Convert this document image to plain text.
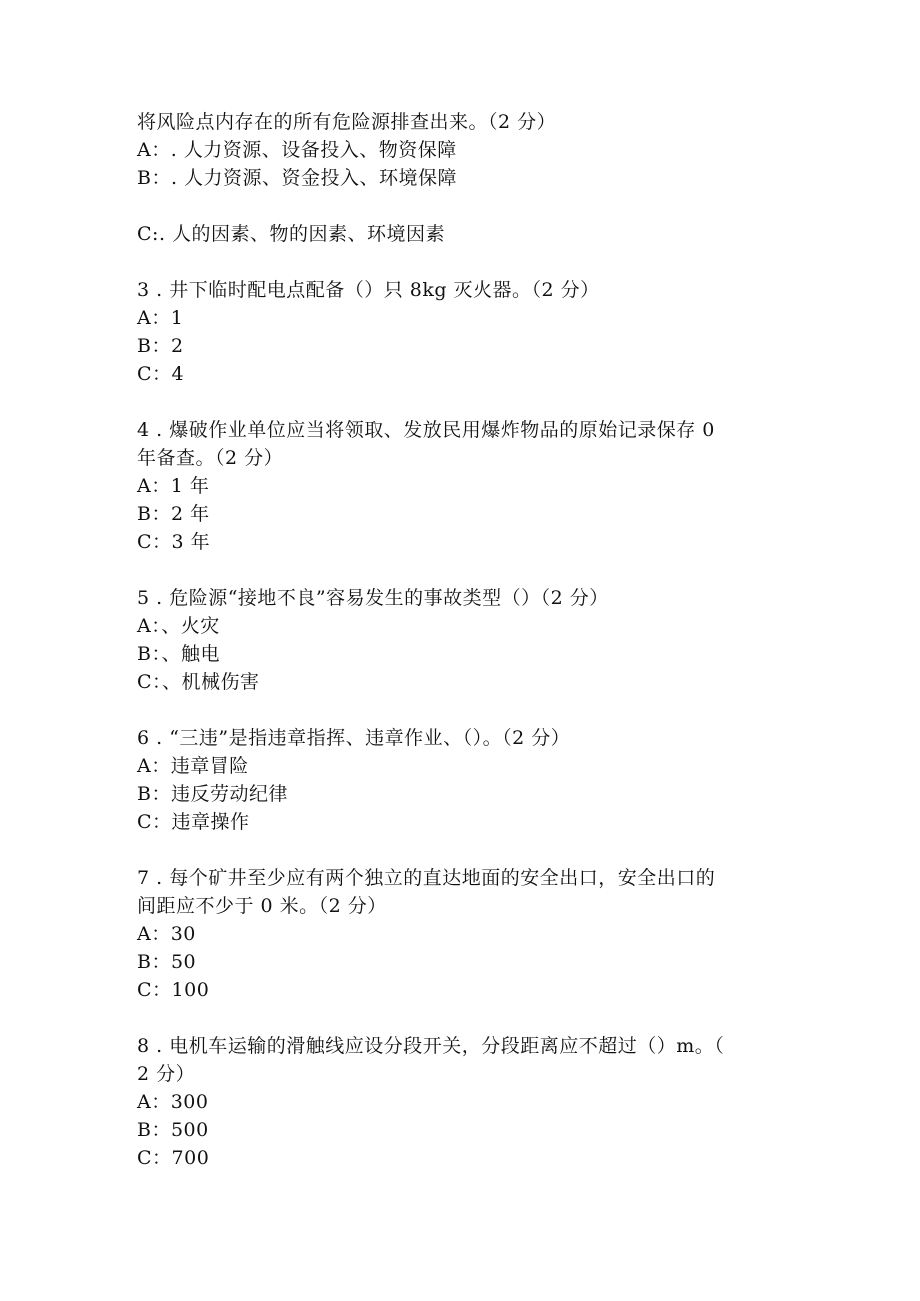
将风险点内存在的所有危险源排查出来。（2 分）

A：. 人力资源、设备投入、物资保障

B：. 人力资源、资金投入、环境保障

C:. 人的因素、物的因素、环境因素

3 . 井下临时配电点配备（）只 8kg 灭火器。（2 分）

A：1

B：2

C：4

4 . 爆破作业单位应当将领取、发放民用爆炸物品的原始记录保存 0

年备查。（2 分）

A：1 年

B：2 年

C：3 年

5 . 危险源“接地不良”容易发生的事故类型（）（2 分）

A：、火灾

B：、触电

C：、机械伤害

6 . “三违”是指违章指挥、违章作业、（）。（2 分）

A：违章冒险

B：违反劳动纪律

C：违章操作

7 . 每个矿井至少应有两个独立的直达地面的安全出口，安全出口的

间距应不少于 0 米。（2 分）

A：30

B：50

C：100

8 . 电机车运输的滑触线应设分段开关，分段距离应不超过（）m。（

2 分）

A：300

B：500

C：700
